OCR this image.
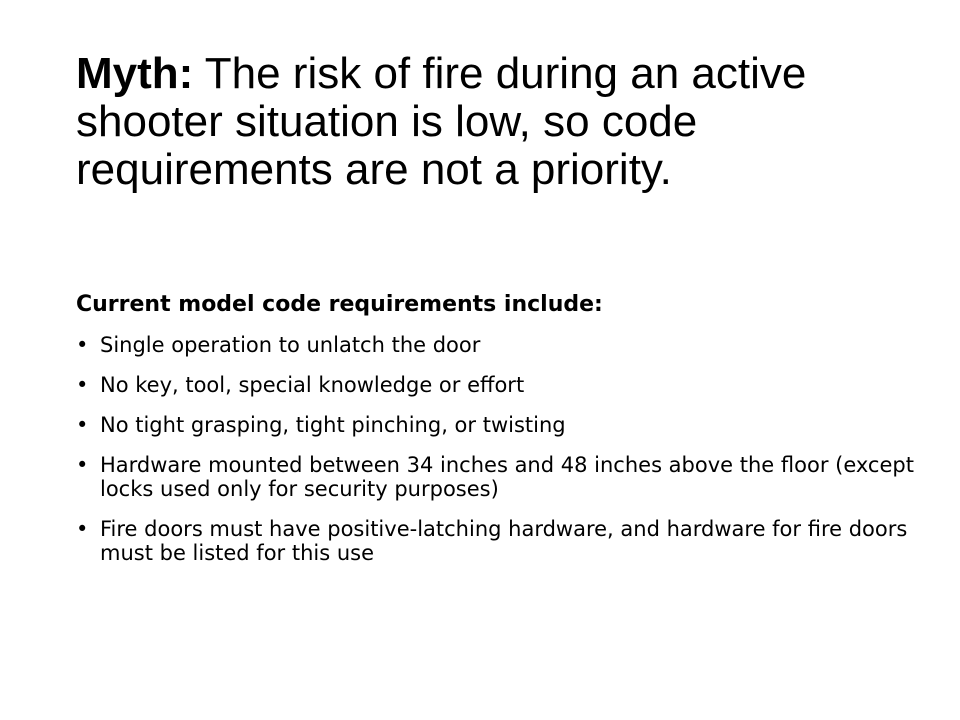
Myth: The risk of fire during an active shooter situation is low, so code requirements are not a priority.
Current model code requirements include:
• Single operation to unlatch the door
• No key, tool, special knowledge or effort
• No tight grasping, tight pinching, or twisting
• Hardware mounted between 34 inches and 48 inches above the floor (except locks used only for security purposes)
• Fire doors must have positive-latching hardware, and hardware for fire doors must be listed for this use
